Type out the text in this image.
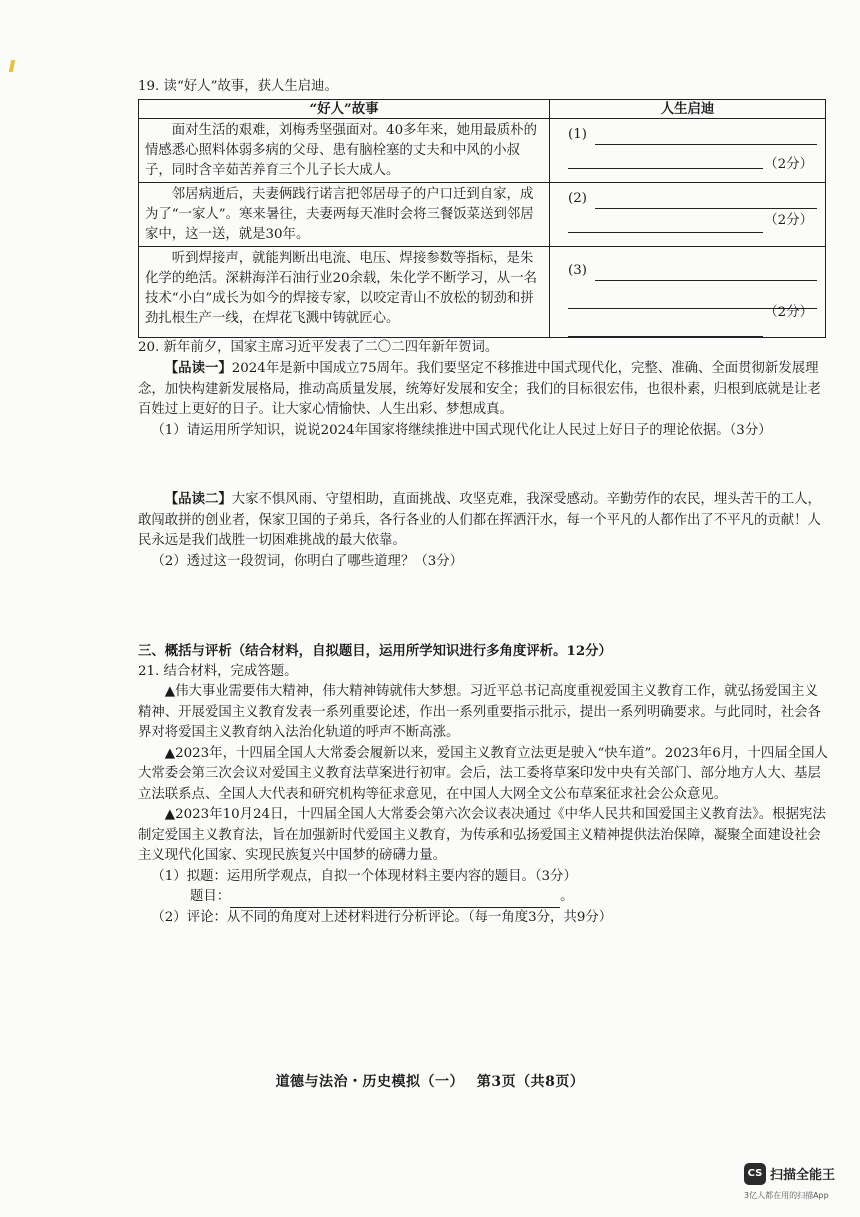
19. 读“好人”故事，获人生启迪。

“好人”故事	人生启迪
面对生活的艰难，刘梅秀坚强面对。40多年来，她用最质朴的情感悉心照料体弱多病的父母、患有脑栓塞的丈夫和中风的小叔子，同时含辛茹苦养育三个儿子长大成人。	(1)
（2分）

邻居病逝后，夫妻俩践行诺言把邻居母子的户口迁到自家，成为了“一家人”。寒来暑往，夫妻两每天准时会将三餐饭菜送到邻居家中，这一送，就是30年。	(2)
（2分）

听到焊接声，就能判断出电流、电压、焊接参数等指标，是朱化学的绝活。深耕海洋石油行业20余载，朱化学不断学习，从一名技术“小白”成长为如今的焊接专家，以咬定青山不放松的韧劲和拼劲扎根生产一线，在焊花飞溅中铸就匠心。	(3)
（2分）

20. 新年前夕，国家主席习近平发表了二〇二四年新年贺词。

【品读一】2024年是新中国成立75周年。我们要坚定不移推进中国式现代化，完整、准确、全面贯彻新发展理念，加快构建新发展格局，推动高质量发展，统筹好发展和安全；我们的目标很宏伟，也很朴素，归根到底就是让老百姓过上更好的日子。让大家心情愉快、人生出彩、梦想成真。

（1）请运用所学知识，说说2024年国家将继续推进中国式现代化让人民过上好日子的理论依据。（3分）

【品读二】大家不惧风雨、守望相助，直面挑战、攻坚克难，我深受感动。辛勤劳作的农民，埋头苦干的工人，敢闯敢拼的创业者，保家卫国的子弟兵，各行各业的人们都在挥洒汗水，每一个平凡的人都作出了不平凡的贡献！人民永远是我们战胜一切困难挑战的最大依靠。

（2）透过这一段贺词，你明白了哪些道理？（3分）

三、概括与评析（结合材料，自拟题目，运用所学知识进行多角度评析。12分）

21. 结合材料，完成答题。

▲伟大事业需要伟大精神，伟大精神铸就伟大梦想。习近平总书记高度重视爱国主义教育工作，就弘扬爱国主义精神、开展爱国主义教育发表一系列重要论述，作出一系列重要指示批示，提出一系列明确要求。与此同时，社会各界对将爱国主义教育纳入法治化轨道的呼声不断高涨。

▲2023年，十四届全国人大常委会履新以来，爱国主义教育立法更是驶入“快车道”。2023年6月，十四届全国人大常委会第三次会议对爱国主义教育法草案进行初审。会后，法工委将草案印发中央有关部门、部分地方人大、基层立法联系点、全国人大代表和研究机构等征求意见，在中国人大网全文公布草案征求社会公众意见。

▲2023年10月24日，十四届全国人大常委会第六次会议表决通过《中华人民共和国爱国主义教育法》。根据宪法制定爱国主义教育法，旨在加强新时代爱国主义教育，为传承和弘扬爱国主义精神提供法治保障，凝聚全面建设社会主义现代化国家、实现民族复兴中国梦的磅礴力量。

（1）拟题：运用所学观点，自拟一个体现材料主要内容的题目。（3分）

题目：	。

（2）评论：从不同的角度对上述材料进行分析评论。（每一角度3分，共9分）

道德与法治・历史模拟（一）　 第3页（共8页）
CS 扫描全能王
3亿人都在用的扫描App
